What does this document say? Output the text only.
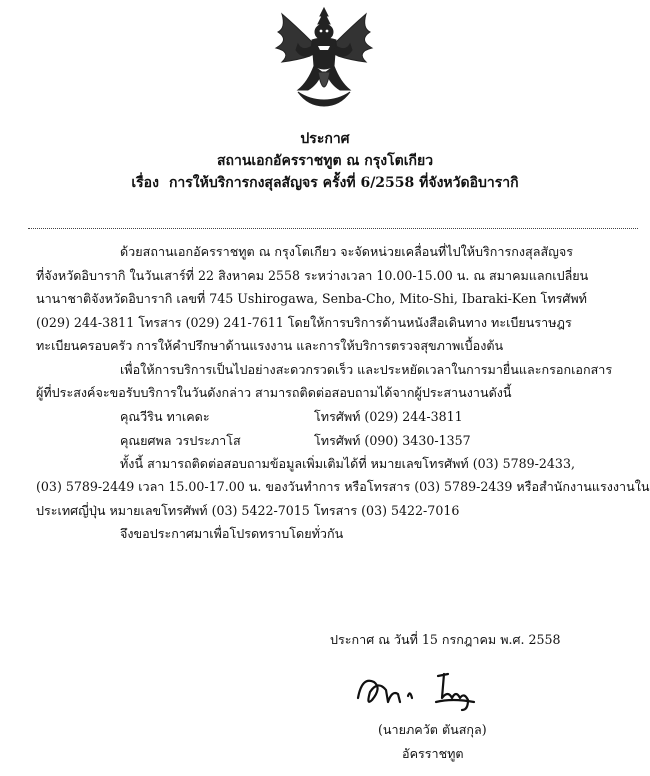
ประกาศ
สถานเอกอัครราชทูต ณ กรุงโตเกียว
เรื่อง การให้บริการกงสุลสัญจร ครั้งที่ 6/2558 ที่จังหวัดอิบารากิ
ด้วยสถานเอกอัครราชทูต ณ กรุงโตเกียว จะจัดหน่วยเคลื่อนที่ไปให้บริการกงสุลสัญจร
ที่จังหวัดอิบารากิ ในวันเสาร์ที่ 22 สิงหาคม 2558 ระหว่างเวลา 10.00-15.00 น. ณ สมาคมแลกเปลี่ยน
นานาชาติจังหวัดอิบารากิ เลขที่ 745 Ushirogawa, Senba-Cho, Mito-Shi, Ibaraki-Ken โทรศัพท์
(029) 244-3811 โทรสาร (029) 241-7611 โดยให้การบริการด้านหนังสือเดินทาง ทะเบียนราษฎร
ทะเบียนครอบครัว การให้คำปรึกษาด้านแรงงาน และการให้บริการตรวจสุขภาพเบื้องต้น
เพื่อให้การบริการเป็นไปอย่างสะดวกรวดเร็ว และประหยัดเวลาในการมายื่นและกรอกเอกสาร
ผู้ที่ประสงค์จะขอรับบริการในวันดังกล่าว สามารถติดต่อสอบถามได้จากผู้ประสานงานดังนี้
คุณวีริน ทาเคดะ	โทรศัพท์ (029) 244-3811
คุณยศพล วรประภาโส	โทรศัพท์ (090) 3430-1357
ทั้งนี้ สามารถติดต่อสอบถามข้อมูลเพิ่มเติมได้ที่ หมายเลขโทรศัพท์ (03) 5789-2433,
(03) 5789-2449 เวลา 15.00-17.00 น. ของวันทำการ หรือโทรสาร (03) 5789-2439 หรือสำนักงานแรงงานใน
ประเทศญี่ปุ่น หมายเลขโทรศัพท์ (03) 5422-7015 โทรสาร (03) 5422-7016
จึงขอประกาศมาเพื่อโปรดทราบโดยทั่วกัน
ประกาศ ณ วันที่ 15 กรกฎาคม พ.ศ. 2558
(นายภควัต ตันสกุล)
อัครราชทูต
